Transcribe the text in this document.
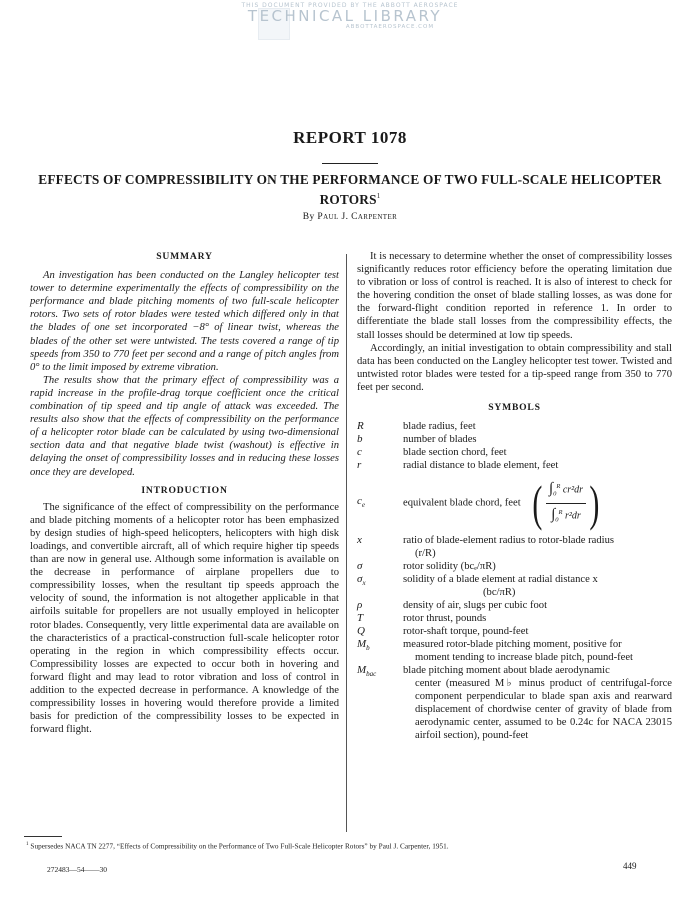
THIS DOCUMENT PROVIDED BY THE ABBOTT AEROSPACE
TECHNICAL LIBRARY
ABBOTTAEROSPACE.COM
REPORT 1078
EFFECTS OF COMPRESSIBILITY ON THE PERFORMANCE OF TWO FULL-SCALE HELICOPTER ROTORS$^1$
By Paul J. Carpenter
SUMMARY

An investigation has been conducted on the Langley helicopter test tower to determine experimentally the effects of compressibility on the performance and blade pitching moments of two full-scale helicopter rotors. Two sets of rotor blades were tested which differed only in that the blades of one set incorporated −8° of linear twist, whereas the blades of the other set were untwisted. The tests covered a range of tip speeds from 350 to 770 feet per second and a range of pitch angles from 0° to the limit imposed by extreme vibration.

The results show that the primary effect of compressibility was a rapid increase in the profile-drag torque coefficient once the critical combination of tip speed and tip angle of attack was exceeded. The results also show that the effects of compressibility on the performance of a helicopter rotor blade can be calculated by using two-dimensional section data and that negative blade twist (washout) is effective in delaying the onset of compressibility losses and in reducing these losses once they are developed.

INTRODUCTION

The significance of the effect of compressibility on the performance and blade pitching moments of a helicopter rotor has been emphasized by design studies of high-speed helicopters, helicopters with high disk loadings, and convertible aircraft, all of which require higher tip speeds than are now in general use. Although some information is available on the decrease in performance of airplane propellers due to compressibility losses, when the resultant tip speeds approach the velocity of sound, the information is not altogether applicable in that airfoils suitable for propellers are not usually employed in helicopter rotor blades. Consequently, very little experimental data are available on the characteristics of a practical-construction full-scale helicopter rotor operating in the region in which compressibility effects occur. Compressibility losses are expected to occur both in hovering and forward flight and may lead to rotor vibration and loss of control in addition to the expected decrease in performance. A knowledge of the compressibility losses in hovering would therefore provide a limited basis for prediction of the compressibility losses to be expected in forward flight.

It is necessary to determine whether the onset of compressibility losses significantly reduces rotor efficiency before the operating limitation due to vibration or loss of control is reached. It is also of interest to check for the hovering condition the onset of blade stalling losses, as was done for the forward-flight condition reported in reference 1. In order to differentiate the blade stall losses from the compressibility effects, the stall losses should be determined at low tip speeds.

Accordingly, an initial investigation to obtain compressibility and stall data has been conducted on the Langley helicopter test tower. Twisted and untwisted rotor blades were tested for a tip-speed range from 350 to 770 feet per second.

SYMBOLS
R	blade radius, feet
b	number of blades
c	blade section chord, feet
r	radial distance to blade element, feet
$c_e$	equivalent blade chord, feet ( $\frac{\int_0^R cr^2dr}{\int_0^R r^2dr}$ )
x	ratio of blade-element radius to rotor-blade radius
(r/R)
σ	rotor solidity (bcₑ/πR)
$\sigma_x$	solidity of a blade element at radial distance x
(bc/πR)
ρ	density of air, slugs per cubic foot
T	rotor thrust, pounds
Q	rotor-shaft torque, pound-feet
$M_b$	measured rotor-blade pitching moment, positive for
moment tending to increase blade pitch, pound-feet
$M_{bac}$	blade pitching moment about blade aerodynamic
center (measured M♭ minus product of centrifugal-force component perpendicular to blade span axis and rearward displacement of chordwise center of gravity of blade from aerodynamic center, assumed to be 0.24c for NACA 23015 airfoil section), pound-feet
$^1$ Supersedes NACA TN 2277, “Effects of Compressibility on the Performance of Two Full-Scale Helicopter Rotors” by Paul J. Carpenter, 1951.
272483—54——30	449
